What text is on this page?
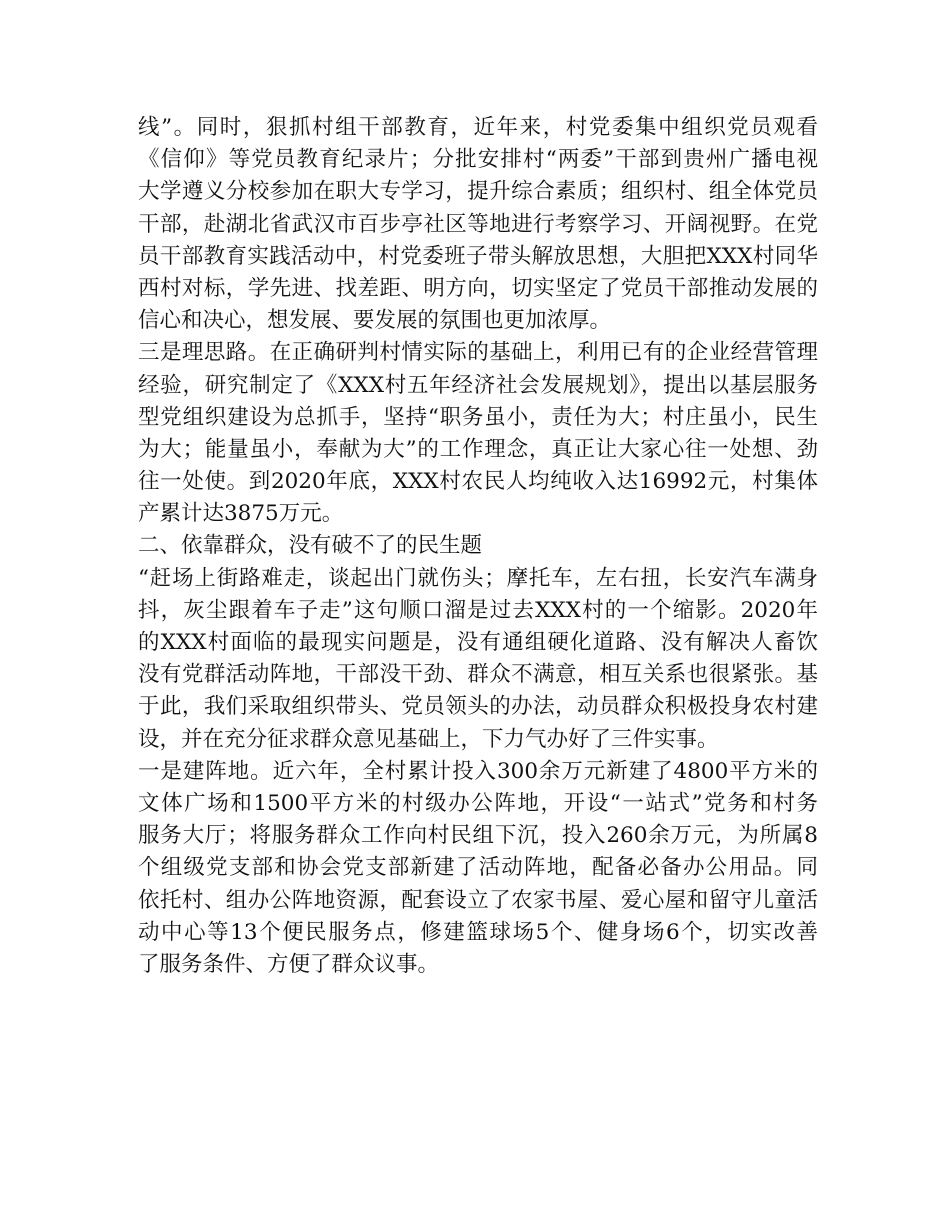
线”。同时，狠抓村组干部教育，近年来，村党委集中组织党员观看
《信仰》等党员教育纪录片；分批安排村“两委”干部到贵州广播电视
大学遵义分校参加在职大专学习，提升综合素质；组织村、组全体党员
干部，赴湖北省武汉市百步亭社区等地进行考察学习、开阔视野。在党
员干部教育实践活动中，村党委班子带头解放思想，大胆把XXX村同华
西村对标，学先进、找差距、明方向，切实坚定了党员干部推动发展的
信心和决心，想发展、要发展的氛围也更加浓厚。
三是理思路。在正确研判村情实际的基础上，利用已有的企业经营管理
经验，研究制定了《XXX村五年经济社会发展规划》，提出以基层服务
型党组织建设为总抓手，坚持“职务虽小，责任为大；村庄虽小，民生
为大；能量虽小，奉献为大”的工作理念，真正让大家心往一处想、劲
往一处使。到2020年底，XXX村农民人均纯收入达16992元，村集体
产累计达3875万元。
二、依靠群众，没有破不了的民生题
“赶场上街路难走，谈起出门就伤头；摩托车，左右扭，长安汽车满身
抖，灰尘跟着车子走”这句顺口溜是过去XXX村的一个缩影。2020年
的XXX村面临的最现实问题是，没有通组硬化道路、没有解决人畜饮
没有党群活动阵地，干部没干劲、群众不满意，相互关系也很紧张。基
于此，我们采取组织带头、党员领头的办法，动员群众积极投身农村建
设，并在充分征求群众意见基础上，下力气办好了三件实事。
一是建阵地。近六年，全村累计投入300余万元新建了4800平方米的
文体广场和1500平方米的村级办公阵地，开设“一站式”党务和村务
服务大厅；将服务群众工作向村民组下沉，投入260余万元，为所属8
个组级党支部和协会党支部新建了活动阵地，配备必备办公用品。同
依托村、组办公阵地资源，配套设立了农家书屋、爱心屋和留守儿童活
动中心等13个便民服务点，修建篮球场5个、健身场6个，切实改善
了服务条件、方便了群众议事。
